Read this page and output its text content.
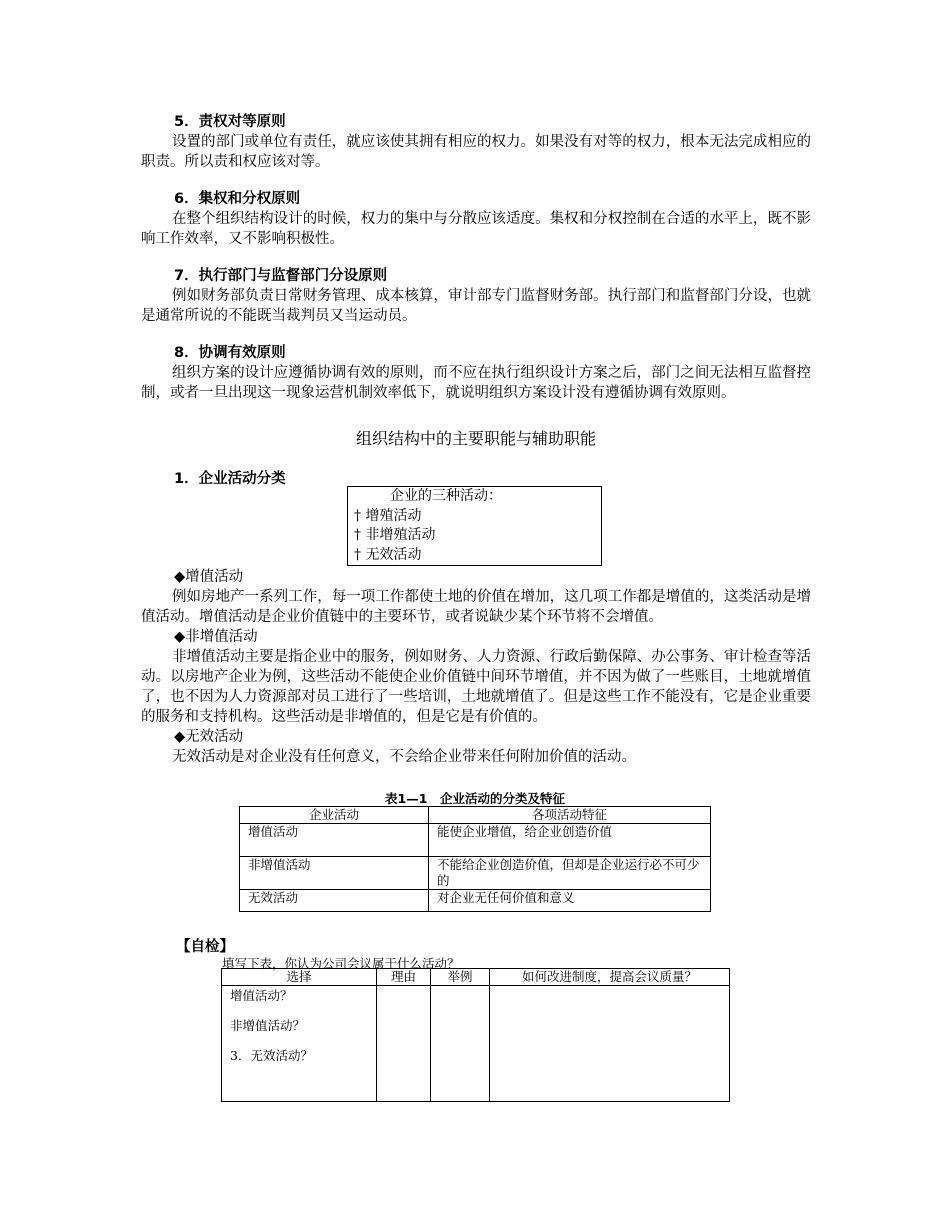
5．责权对等原则

设置的部门或单位有责任，就应该使其拥有相应的权力。如果没有对等的权力，根本无法完成相应的职责。所以责和权应该对等。

6．集权和分权原则

在整个组织结构设计的时候，权力的集中与分散应该适度。集权和分权控制在合适的水平上，既不影响工作效率，又不影响积极性。

7．执行部门与监督部门分设原则

例如财务部负责日常财务管理、成本核算，审计部专门监督财务部。执行部门和监督部门分设，也就是通常所说的不能既当裁判员又当运动员。

8．协调有效原则

组织方案的设计应遵循协调有效的原则，而不应在执行组织设计方案之后，部门之间无法相互监督控制，或者一旦出现这一现象运营机制效率低下，就说明组织方案设计没有遵循协调有效原则。

组织结构中的主要职能与辅助职能
1．企业活动分类
企业的三种活动：
† 增殖活动
† 非增殖活动
† 无效活动
◆增值活动

例如房地产一系列工作，每一项工作都使土地的价值在增加，这几项工作都是增值的，这类活动是增值活动。增值活动是企业价值链中的主要环节，或者说缺少某个环节将不会增值。

◆非增值活动

非增值活动主要是指企业中的服务，例如财务、人力资源、行政后勤保障、办公事务、审计检查等活动。以房地产企业为例，这些活动不能使企业价值链中间环节增值，并不因为做了一些账目，土地就增值了，也不因为人力资源部对员工进行了一些培训，土地就增值了。但是这些工作不能没有，它是企业重要的服务和支持机构。这些活动是非增值的，但是它是有价值的。

◆无效活动

无效活动是对企业没有任何意义，不会给企业带来任何附加价值的活动。

表1—1　企业活动的分类及特征
企业活动	各项活动特征
增值活动	能使企业增值，给企业创造价值
非增值活动	不能给企业创造价值，但却是企业运行必不可少的
无效活动	对企业无任何价值和意义
【自检】
填写下表，你认为公司会议属于什么活动？
选择	理由	举例	如何改进制度，提高会议质量？

增值活动？
非增值活动？
3．无效活动？			
